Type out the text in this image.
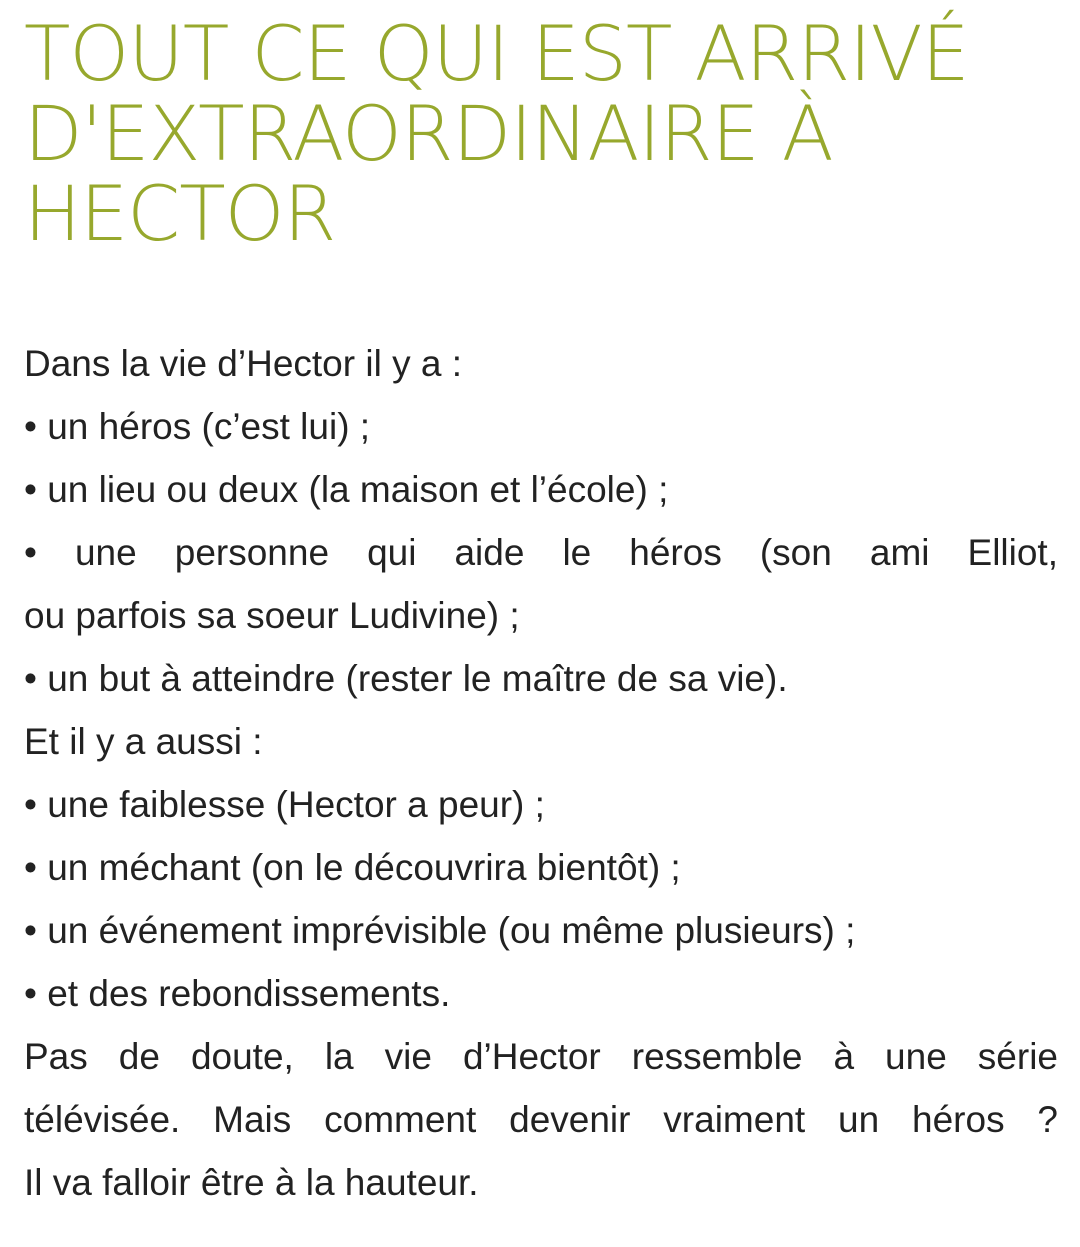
TOUT CE QUI EST ARRIVÉ
D'EXTRAORDINAIRE À
HECTOR
Dans la vie d’Hector il y a :
• un héros (c’est lui) ;
• un lieu ou deux (la maison et l’école) ;
• une personne qui aide le héros (son ami Elliot,
ou parfois sa soeur Ludivine) ;
• un but à atteindre (rester le maître de sa vie).
Et il y a aussi :
• une faiblesse (Hector a peur) ;
• un méchant (on le découvrira bientôt) ;
• un événement imprévisible (ou même plusieurs) ;
• et des rebondissements.
Pas de doute, la vie d’Hector ressemble à une série
télévisée. Mais comment devenir vraiment un héros ?
Il va falloir être à la hauteur.
